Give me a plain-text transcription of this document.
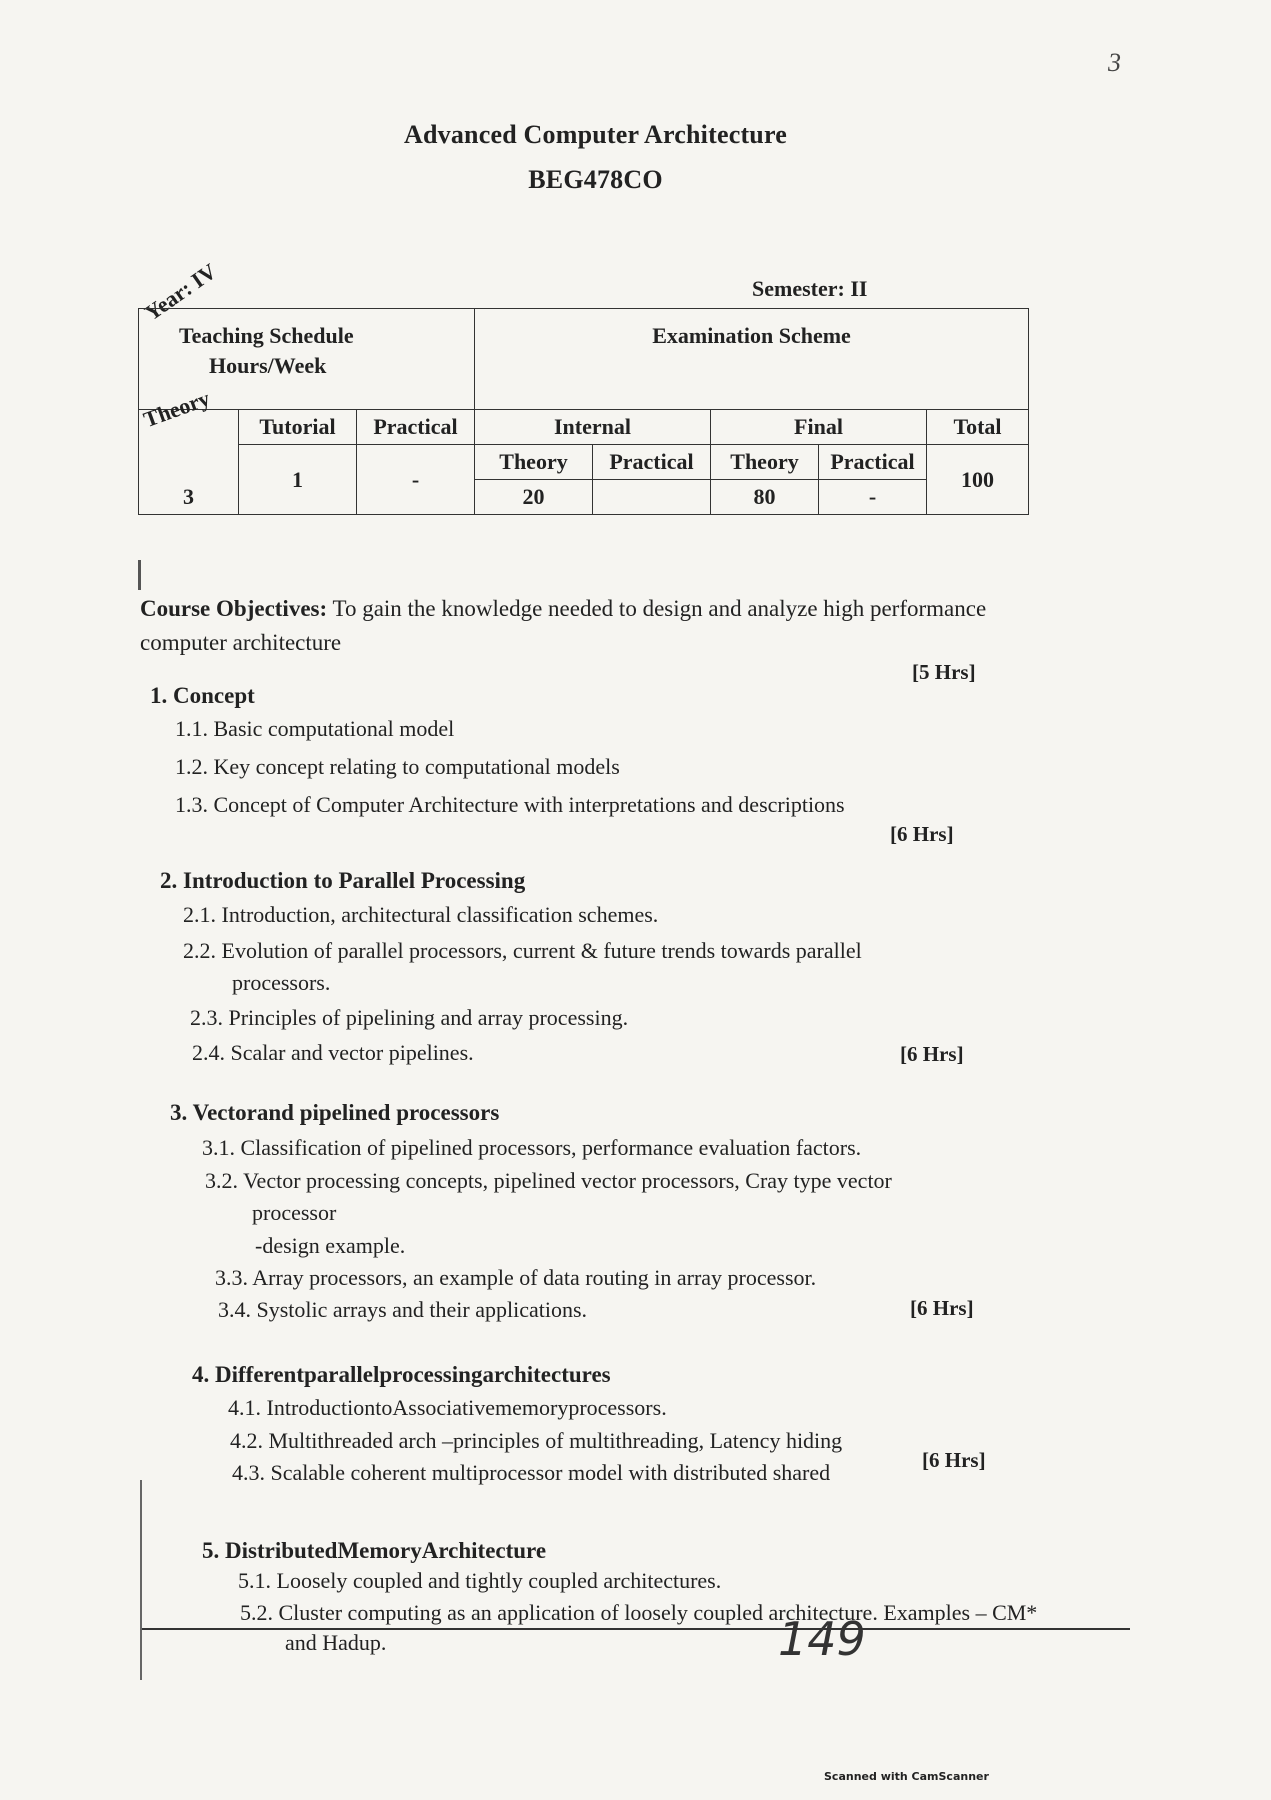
3
Advanced Computer Architecture
BEG478CO
Year: IV	Semester: II
Teaching Schedule
Hours/Week			Examination Scheme				

Theory	Tutorial	Practical	Internal		Final		Total
	1	-	Theory	Practical	Theory	Practical	100
3			20		80	-	
Course Objectives: To gain the knowledge needed to design and analyze high performance computer architecture
1. Concept
[5 Hrs]
1.1. Basic computational model
1.2. Key concept relating to computational models
1.3. Concept of Computer Architecture with interpretations and descriptions
2. Introduction to Parallel Processing
[6 Hrs]
2.1. Introduction, architectural classification schemes.
2.2. Evolution of parallel processors, current & future trends towards parallel
processors.
2.3. Principles of pipelining and array processing.
2.4. Scalar and vector pipelines.
3. Vectorand pipelined processors
[6 Hrs]
3.1. Classification of pipelined processors, performance evaluation factors.
3.2. Vector processing concepts, pipelined vector processors, Cray type vector
processor
-design example.
3.3. Array processors, an example of data routing in array processor.
3.4. Systolic arrays and their applications.
4. Differentparallelprocessingarchitectures
[6 Hrs]
4.1. IntroductiontoAssociativememoryprocessors.
4.2. Multithreaded arch –principles of multithreading, Latency hiding
4.3. Scalable coherent multiprocessor model with distributed shared
5. DistributedMemoryArchitecture
[6 Hrs]
5.1. Loosely coupled and tightly coupled architectures.
5.2. Cluster computing as an application of loosely coupled architecture. Examples – CM*
and Hadup.	149
Scanned with CamScanner
